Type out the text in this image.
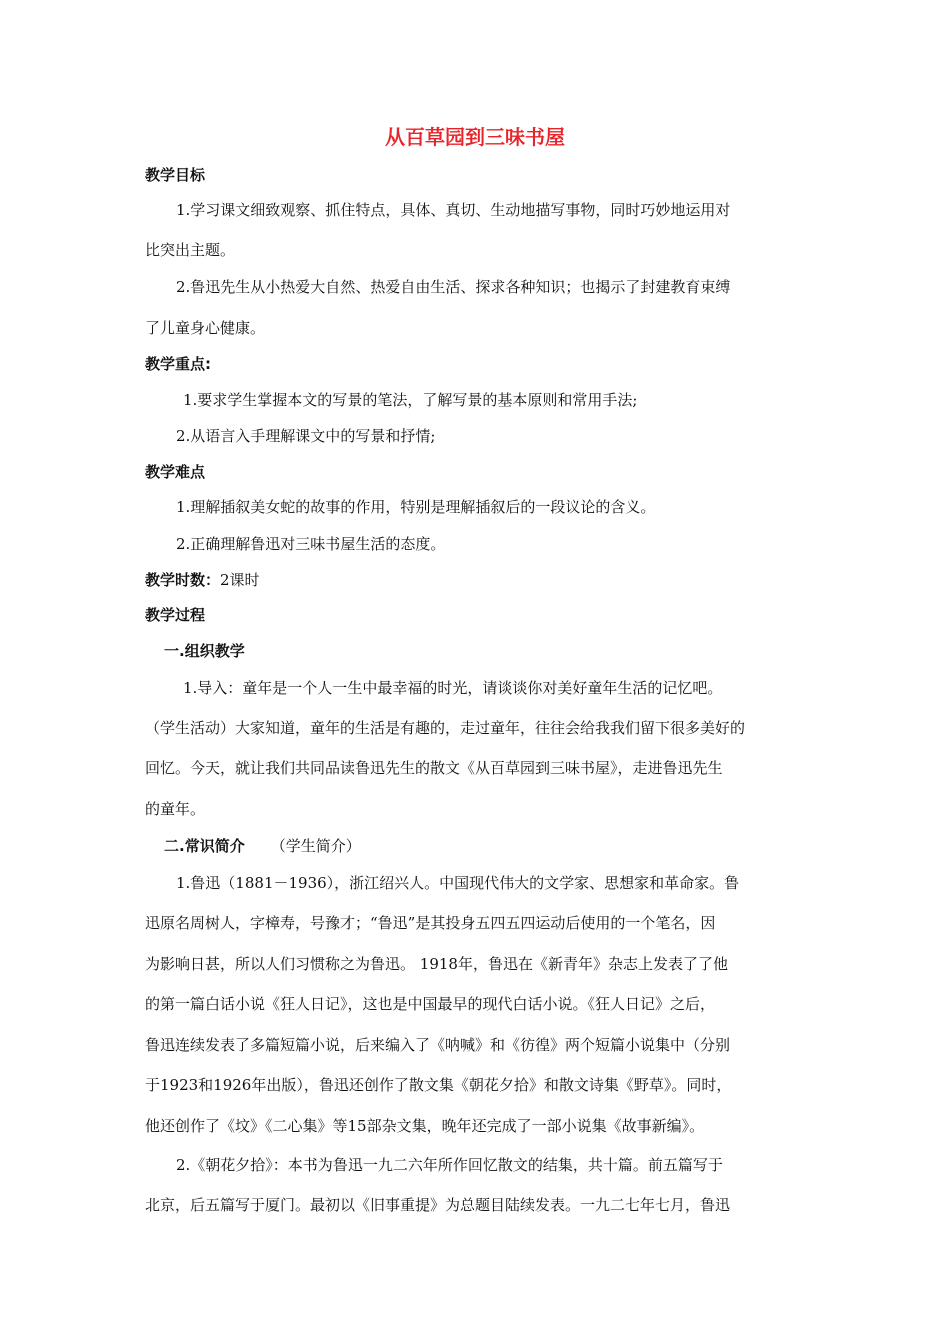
从百草园到三味书屋
教学目标
1.学习课文细致观察、抓住特点，具体、真切、生动地描写事物，同时巧妙地运用对
比突出主题。
2.鲁迅先生从小热爱大自然、热爱自由生活、探求各种知识；也揭示了封建教育束缚
了儿童身心健康。
教学重点:
1.要求学生掌握本文的写景的笔法，了解写景的基本原则和常用手法;
2.从语言入手理解课文中的写景和抒情;
教学难点
1.理解插叙美女蛇的故事的作用，特别是理解插叙后的一段议论的含义。
2.正确理解鲁迅对三味书屋生活的态度。
教学时数：2课时
教学过程
一.组织教学
1.导入：童年是一个人一生中最幸福的时光，请谈谈你对美好童年生活的记忆吧。
（学生活动）大家知道，童年的生活是有趣的，走过童年，往往会给我我们留下很多美好的
回忆。今天，就让我们共同品读鲁迅先生的散文《从百草园到三味书屋》，走进鲁迅先生
的童年。
二.常识简介 （学生简介）
1.鲁迅（1881－1936），浙江绍兴人。中国现代伟大的文学家、思想家和革命家。鲁
迅原名周树人，字樟寿，号豫才；“鲁迅”是其投身五四五四运动后使用的一个笔名，因
为影响日甚，所以人们习惯称之为鲁迅。 1918年，鲁迅在《新青年》杂志上发表了了他
的第一篇白话小说《狂人日记》，这也是中国最早的现代白话小说。《狂人日记》之后，
鲁迅连续发表了多篇短篇小说，后来编入了《呐喊》和《彷徨》两个短篇小说集中（分别
于1923和1926年出版），鲁迅还创作了散文集《朝花夕拾》和散文诗集《野草》。同时，
他还创作了《坟》《二心集》等15部杂文集，晚年还完成了一部小说集《故事新编》。
2.《朝花夕拾》：本书为鲁迅一九二六年所作回忆散文的结集，共十篇。前五篇写于
北京，后五篇写于厦门。最初以《旧事重提》为总题目陆续发表。一九二七年七月，鲁迅
